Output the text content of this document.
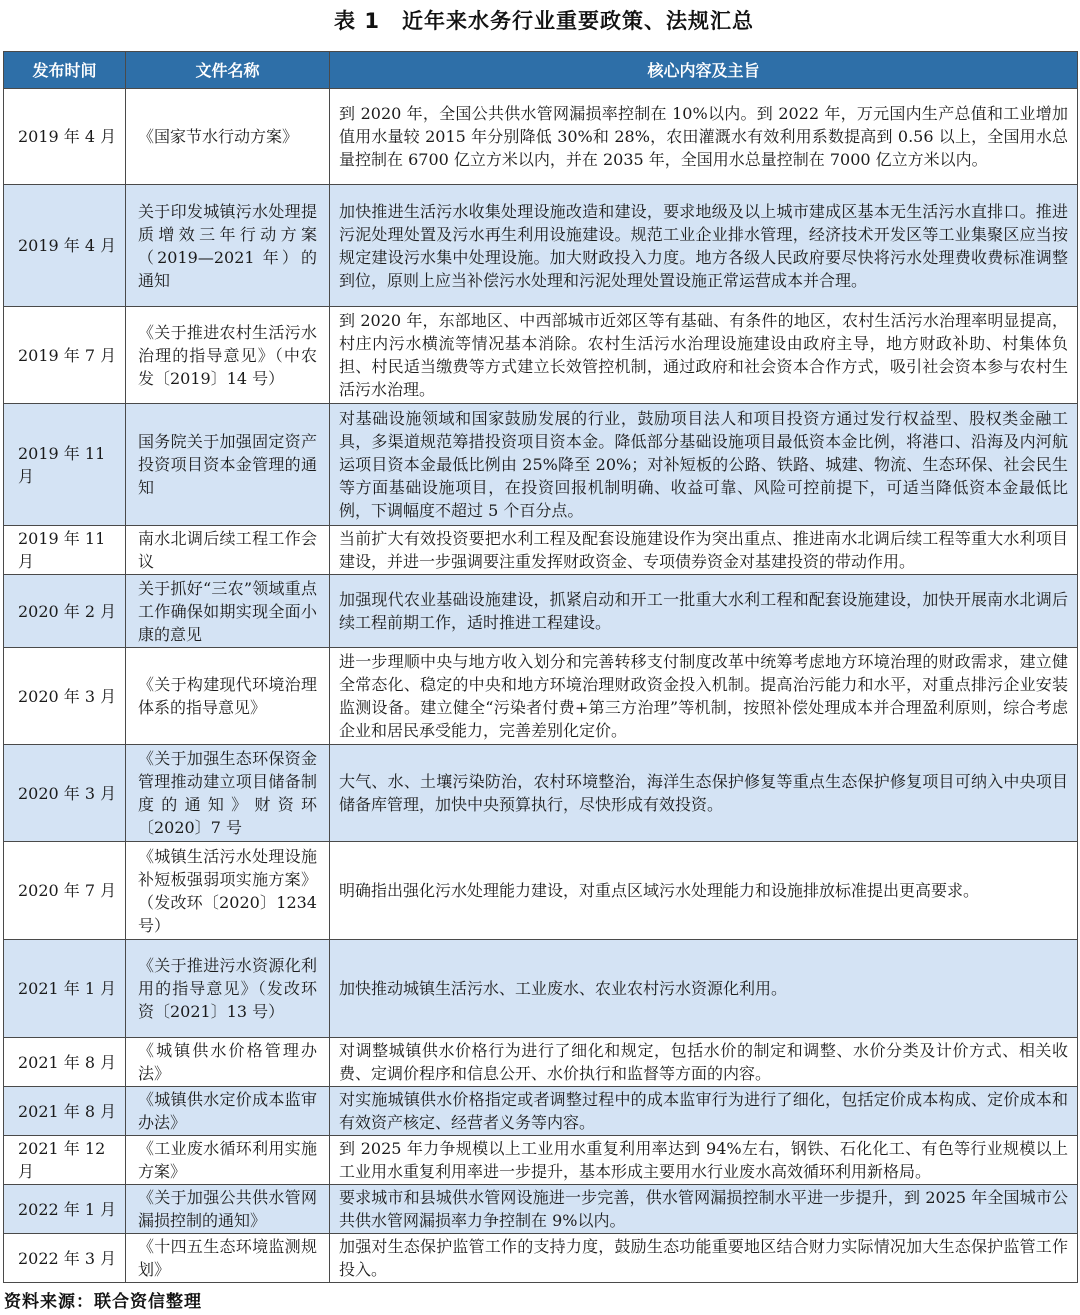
表 1 近年来水务行业重要政策、法规汇总
发布时间	文件名称	核心内容及主旨
2019 年 4 月	《国家节水行动方案》	到 2020 年，全国公共供水管网漏损率控制在 10%以内。到 2022 年，万元国内生产总值和工业增加值用水量较 2015 年分别降低 30%和 28%，农田灌溉水有效利用系数提高到 0.56 以上，全国用水总量控制在 6700 亿立方米以内，并在 2035 年，全国用水总量控制在 7000 亿立方米以内。
2019 年 4 月	关于印发城镇污水处理提质增效三年行动方案（2019—2021 年）的通知	加快推进生活污水收集处理设施改造和建设，要求地级及以上城市建成区基本无生活污水直排口。推进污泥处理处置及污水再生利用设施建设。规范工业企业排水管理，经济技术开发区等工业集聚区应当按规定建设污水集中处理设施。加大财政投入力度。地方各级人民政府要尽快将污水处理费收费标准调整到位，原则上应当补偿污水处理和污泥处理处置设施正常运营成本并合理。
2019 年 7 月	《关于推进农村生活污水治理的指导意见》（中农发〔2019〕14 号）	到 2020 年，东部地区、中西部城市近郊区等有基础、有条件的地区，农村生活污水治理率明显提高，村庄内污水横流等情况基本消除。农村生活污水治理设施建设由政府主导，地方财政补助、村集体负担、村民适当缴费等方式建立长效管控机制，通过政府和社会资本合作方式，吸引社会资本参与农村生活污水治理。

2019 年 11 月	国务院关于加强固定资产投资项目资本金管理的通知	对基础设施领域和国家鼓励发展的行业，鼓励项目法人和项目投资方通过发行权益型、股权类金融工具，多渠道规范筹措投资项目资本金。降低部分基础设施项目最低资本金比例，将港口、沿海及内河航运项目资本金最低比例由 25%降至 20%；对补短板的公路、铁路、城建、物流、生态环保、社会民生等方面基础设施项目，在投资回报机制明确、收益可靠、风险可控前提下，可适当降低资本金最低比例，下调幅度不超过 5 个百分点。

2019 年 11 月	南水北调后续工程工作会议	当前扩大有效投资要把水利工程及配套设施建设作为突出重点、推进南水北调后续工程等重大水利项目建设，并进一步强调要注重发挥财政资金、专项债券资金对基建投资的带动作用。
2020 年 2 月	关于抓好“三农”领域重点工作确保如期实现全面小康的意见	加强现代农业基础设施建设，抓紧启动和开工一批重大水利工程和配套设施建设，加快开展南水北调后续工程前期工作，适时推进工程建设。
2020 年 3 月	《关于构建现代环境治理体系的指导意见》	进一步理顺中央与地方收入划分和完善转移支付制度改革中统筹考虑地方环境治理的财政需求，建立健全常态化、稳定的中央和地方环境治理财政资金投入机制。提高治污能力和水平，对重点排污企业安装监测设备。建立健全“污染者付费+第三方治理”等机制，按照补偿处理成本并合理盈利原则，综合考虑企业和居民承受能力，完善差别化定价。
2020 年 3 月	《关于加强生态环保资金管理推动建立项目储备制度的通知》财资环〔2020〕7 号	大气、水、土壤污染防治，农村环境整治，海洋生态保护修复等重点生态保护修复项目可纳入中央项目储备库管理，加快中央预算执行，尽快形成有效投资。
2020 年 7 月	《城镇生活污水处理设施补短板强弱项实施方案》（发改环〔2020〕1234 号）	明确指出强化污水处理能力建设，对重点区域污水处理能力和设施排放标准提出更高要求。
2021 年 1 月	《关于推进污水资源化利用的指导意见》（发改环资〔2021〕13 号）	加快推动城镇生活污水、工业废水、农业农村污水资源化利用。
2021 年 8 月	《城镇供水价格管理办法》	对调整城镇供水价格行为进行了细化和规定，包括水价的制定和调整、水价分类及计价方式、相关收费、定调价程序和信息公开、水价执行和监督等方面的内容。
2021 年 8 月	《城镇供水定价成本监审办法》	对实施城镇供水价格指定或者调整过程中的成本监审行为进行了细化，包括定价成本构成、定价成本和有效资产核定、经营者义务等内容。

2021 年 12 月	《工业废水循环利用实施方案》	到 2025 年力争规模以上工业用水重复利用率达到 94%左右，钢铁、石化化工、有色等行业规模以上工业用水重复利用率进一步提升，基本形成主要用水行业废水高效循环利用新格局。
2022 年 1 月	《关于加强公共供水管网漏损控制的通知》	要求城市和县城供水管网设施进一步完善，供水管网漏损控制水平进一步提升，到 2025 年全国城市公共供水管网漏损率力争控制在 9%以内。
2022 年 3 月	《十四五生态环境监测规划》	加强对生态保护监管工作的支持力度，鼓励生态功能重要地区结合财力实际情况加大生态保护监管工作投入。
资料来源：联合资信整理
